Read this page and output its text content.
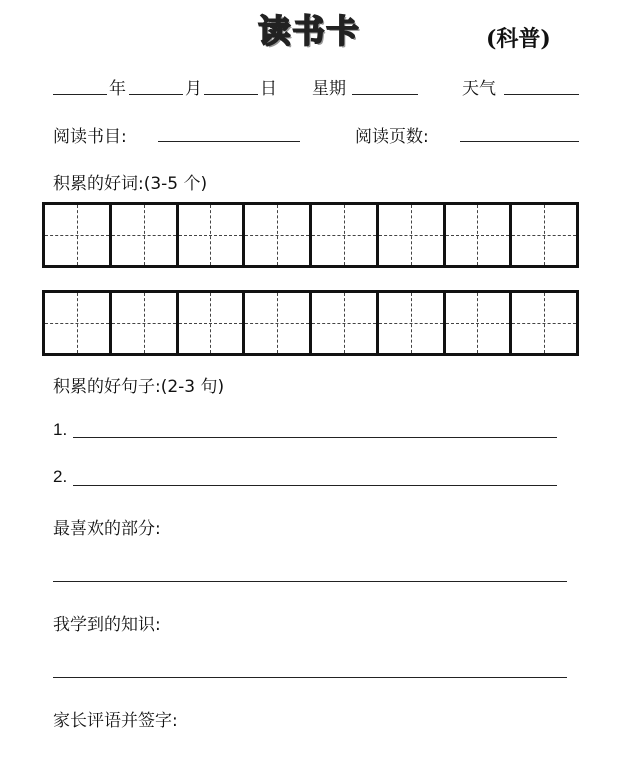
读书卡	(科普)
年	月	日 星期	天气
阅读书目:	阅读页数:
积累的好词:(3-5 个)
积累的好句子:(2-3 句)
1.
2.
最喜欢的部分:
我学到的知识:
家长评语并签字:
